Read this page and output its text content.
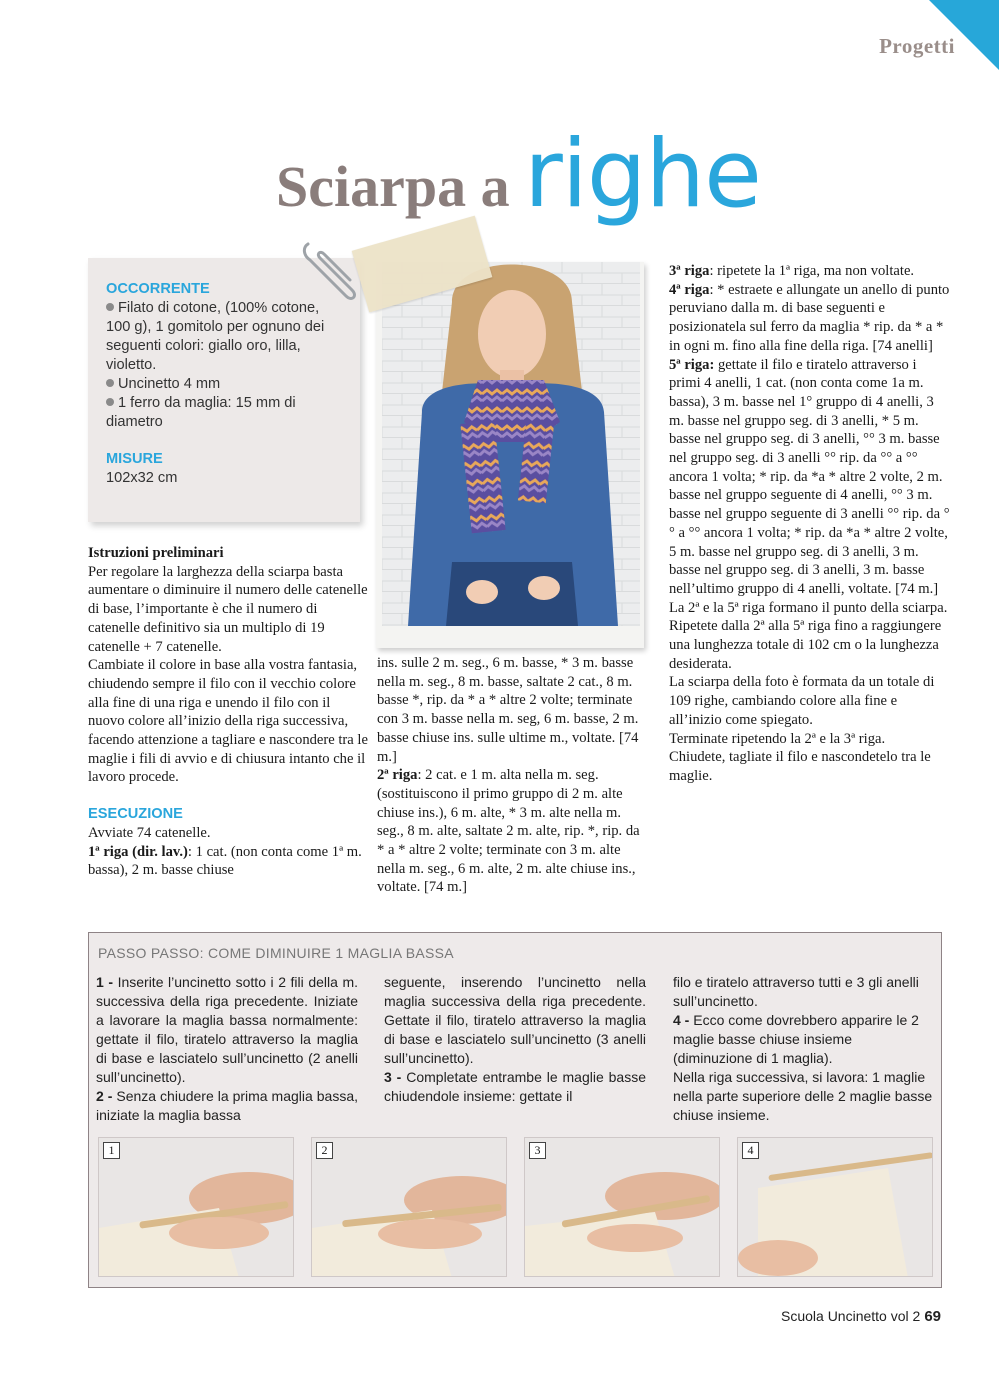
Progetti
Sciarpa a righe
OCCORRENTE
Filato di cotone, (100% cotone, 100 g), 1 gomitolo per ognuno dei seguenti colori: giallo oro, lilla, violetto.
Uncinetto 4 mm
1 ferro da maglia: 15 mm di diametro
MISURE
102x32 cm

Istruzioni preliminari

Per regolare la larghezza della sciarpa basta aumentare o diminuire il numero delle catenelle di base, l’importante è che il numero di catenelle definitivo sia un multiplo di 19 catenelle + 7 catenelle.

Cambiate il colore in base alla vostra fantasia, chiudendo sempre il filo con il vecchio colore alla fine di una riga e unendo il filo con il nuovo colore all’inizio della riga successiva, facendo attenzione a tagliare e nascondere tra le maglie i fili di avvio e di chiusura intanto che il lavoro procede.

ESECUZIONE

Avviate 74 catenelle.

1ª riga (dir. lav.): 1 cat. (non conta come 1ª m. bassa), 2 m. basse chiuse

ins. sulle 2 m. seg., 6 m. basse, * 3 m. basse nella m. seg., 8 m. basse, saltate 2 cat., 8 m. basse *, rip. da * a * altre 2 volte; terminate con 3 m. basse nella m. seg, 6 m. basse, 2 m. basse chiuse ins. sulle ultime m., voltate. [74 m.]

2ª riga: 2 cat. e 1 m. alta nella m. seg. (sostituiscono il primo gruppo di 2 m. alte chiuse ins.), 6 m. alte, * 3 m. alte nella m. seg., 8 m. alte, saltate 2 m. alte, rip. *, rip. da * a * altre 2 volte; terminate con 3 m. alte nella m. seg., 6 m. alte, 2 m. alte chiuse ins., voltate. [74 m.]

3ª riga: ripetete la 1ª riga, ma non voltate.

4ª riga: * estraete e allungate un anello di punto peruviano dalla m. di base seguenti e posizionatela sul ferro da maglia * rip. da * a * in ogni m. fino alla fine della riga. [74 anelli]

5ª riga: gettate il filo e tiratelo attraverso i primi 4 anelli, 1 cat. (non conta come 1a m. bassa), 3 m. basse nel 1° gruppo di 4 anelli, 3 m. basse nel gruppo seg. di 3 anelli, * 5 m. basse nel gruppo seg. di 3 anelli, °° 3 m. basse nel gruppo seg. di 3 anelli °° rip. da °° a °° ancora 1 volta; * rip. da *a * altre 2 volte, 2 m. basse nel gruppo seguente di 4 anelli, °° 3 m. basse nel gruppo seguente di 3 anelli °° rip. da °° a °° ancora 1 volta; * rip. da *a * altre 2 volte, 5 m. basse nel gruppo seg. di 3 anelli, 3 m. basse nel gruppo seg. di 3 anelli, 3 m. basse nell’ultimo gruppo di 4 anelli, voltate. [74 m.]

La 2ª e la 5ª riga formano il punto della sciarpa.

Ripetete dalla 2ª alla 5ª riga fino a raggiungere una lunghezza totale di 102 cm o la lunghezza desiderata.

La sciarpa della foto è formata da un totale di 109 righe, cambiando colore alla fine e all’inizio come spiegato.

Terminate ripetendo la 2ª e la 3ª riga.

Chiudete, tagliate il filo e nascondetelo tra le maglie.

PASSO PASSO: COME DIMINUIRE 1 MAGLIA BASSA

1 - Inserite l’uncinetto sotto i 2 fili della m. successiva della riga precedente. Iniziate a lavorare la maglia bassa normalmente: gettate il filo, tiratelo attraverso la maglia di base e lasciatelo sull’uncinetto (2 anelli sull’uncinetto).

2 - Senza chiudere la prima maglia bassa, iniziate la maglia bassa

seguente, inserendo l’uncinetto nella maglia successiva della riga precedente. Gettate il filo, tiratelo attraverso la maglia di base e lasciatelo sull’uncinetto (3 anelli sull’uncinetto).

3 - Completate entrambe le maglie basse chiudendole insieme: gettate il

filo e tiratelo attraverso tutti e 3 gli anelli sull’uncinetto.

4 - Ecco come dovrebbero apparire le 2 maglie basse chiuse insieme (diminuzione di 1 maglia).

Nella riga successiva, si lavora: 1 maglie nella parte superiore delle 2 maglie basse chiuse insieme.

1	2	3	4
Scuola Uncinetto vol 2 69
